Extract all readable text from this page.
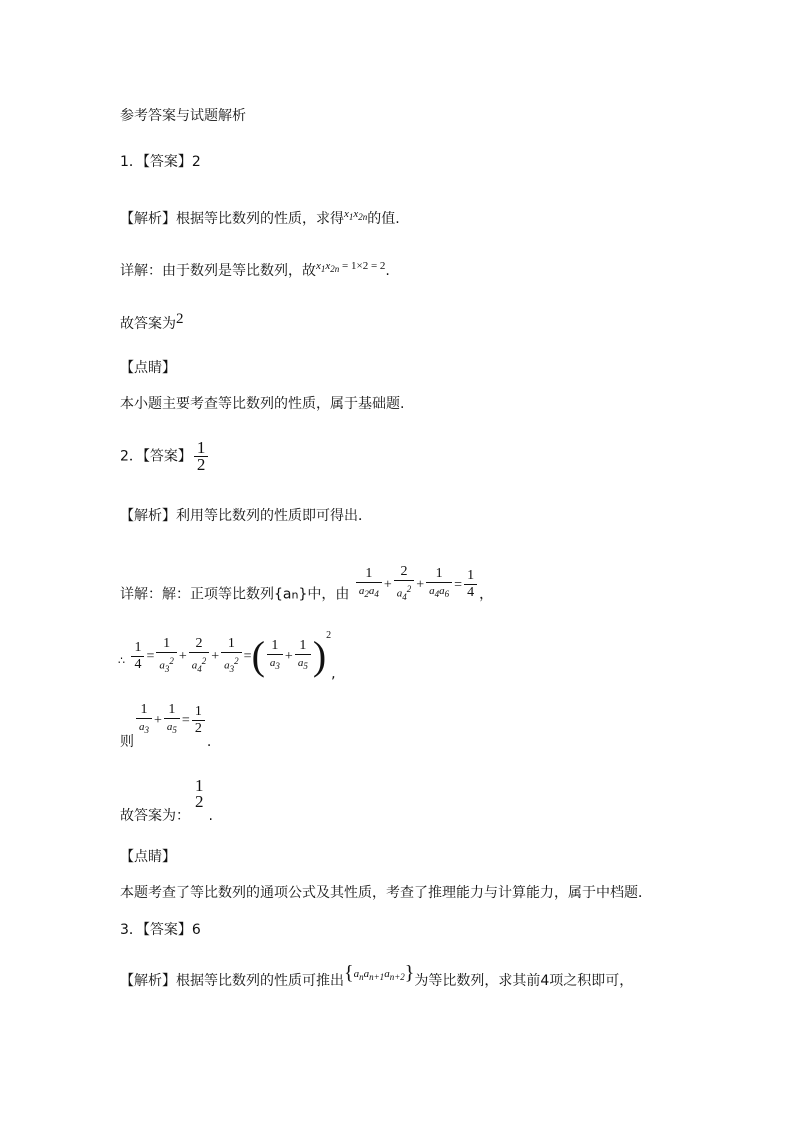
参考答案与试题解析
1．【答案】2
【解析】根据等比数列的性质，求得$^{x_1x_{2n}}$的值.
详解：由于数列是等比数列，故$^{x_1x_{2n} = 1\times 2 = 2}$.
故答案为2
【点睛】
本小题主要考查等比数列的性质，属于基础题.
2．【答案】 $\frac{1}{2}$
【解析】利用等比数列的性质即可得出．
详解：解：正项等比数列{an}中，由 $\frac{1}{a_2a_4} + \frac{2}{a_4^2} + \frac{1}{a_4a_6} = \frac{1}{4}$ ，
∴ $\frac{1}{4} = \frac{1}{a_3^2} + \frac{2}{a_4^2} + \frac{1}{a_3^2}$ =( $\frac{1}{a_3} + \frac{1}{a_5} )^2$,
则
$\frac{1}{a_3} + \frac{1}{a_5} = \frac{1}{2}$
.
故答案为：
1
2
.
【点睛】
本题考查了等比数列的通项公式及其性质，考查了推理能力与计算能力，属于中档题．
3．【答案】6
【解析】根据等比数列的性质可推出$\{a_na_{n+1}a_{n+2}\}$为等比数列，求其前4项之积即可，
